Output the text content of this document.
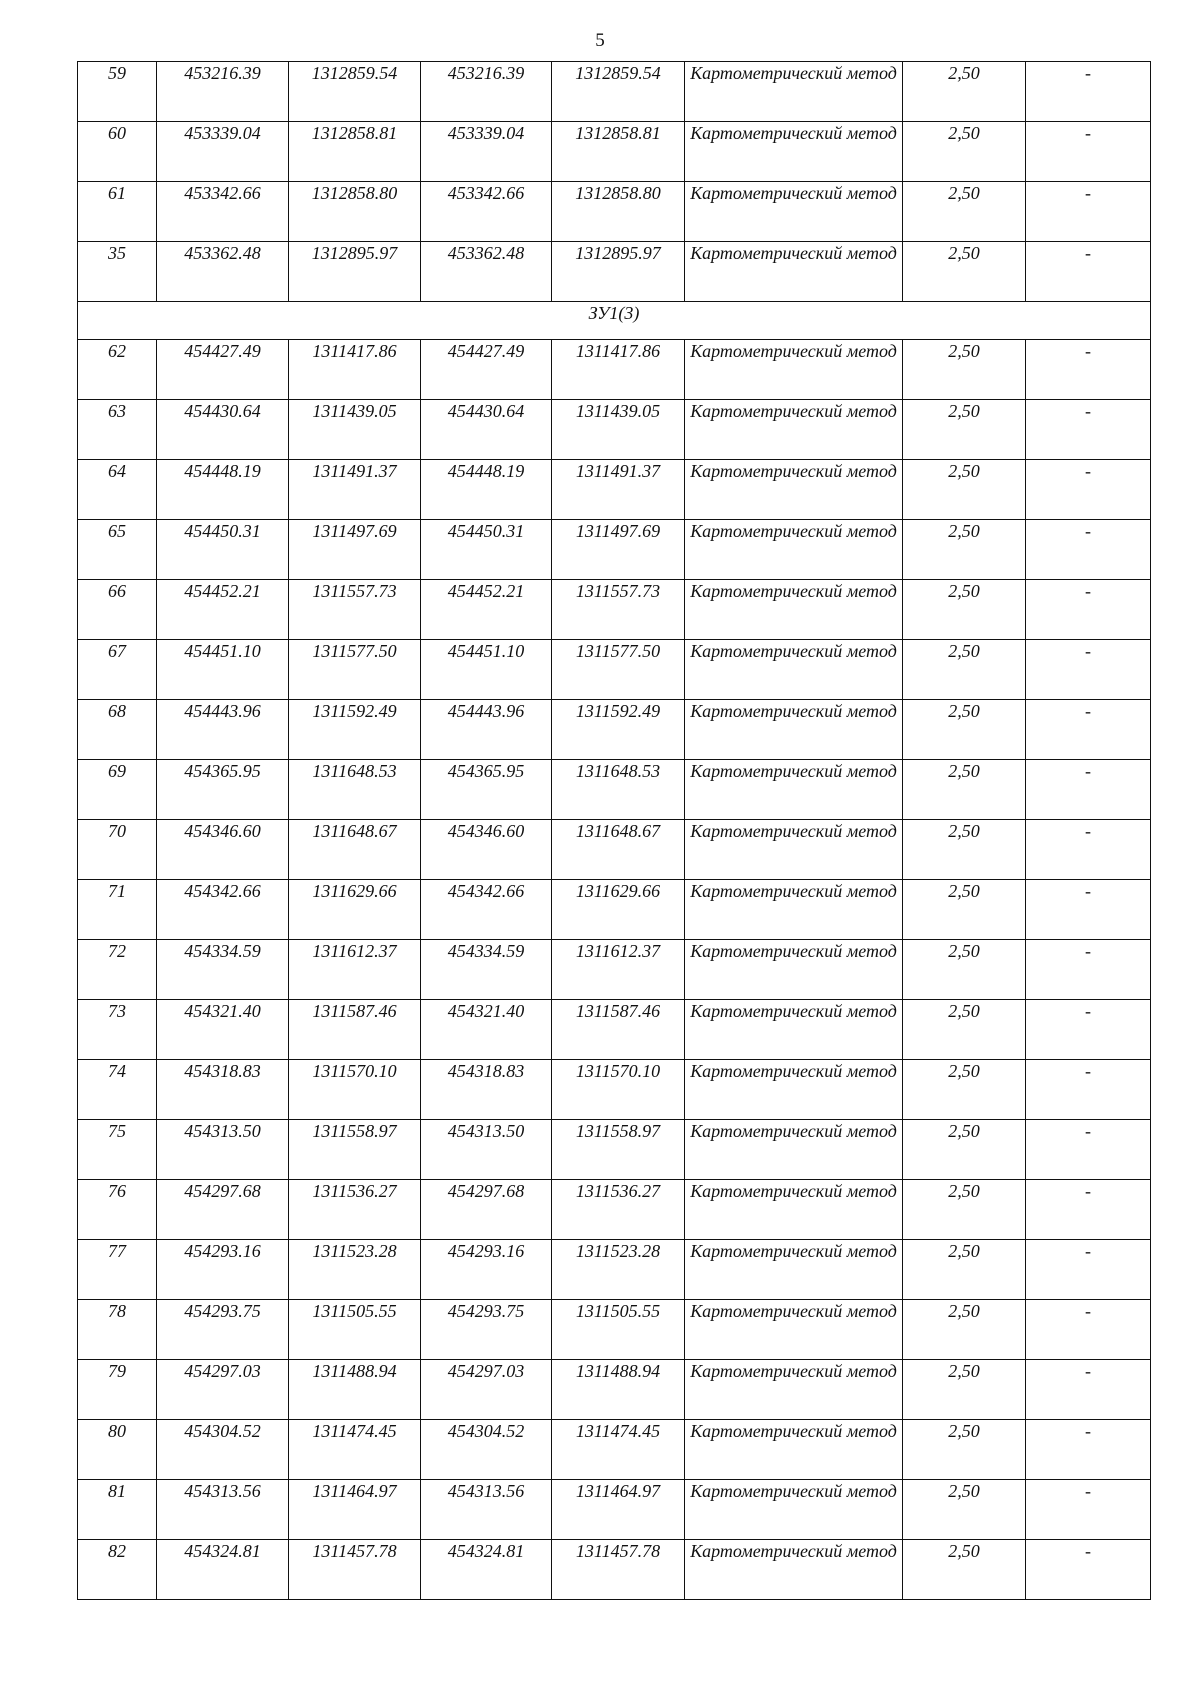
5
59	453216.39	1312859.54	453216.39	1312859.54	Картометрический метод	2,50	-
60	453339.04	1312858.81	453339.04	1312858.81	Картометрический метод	2,50	-
61	453342.66	1312858.80	453342.66	1312858.80	Картометрический метод	2,50	-
35	453362.48	1312895.97	453362.48	1312895.97	Картометрический метод	2,50	-
ЗУ1(3)							
62	454427.49	1311417.86	454427.49	1311417.86	Картометрический метод	2,50	-
63	454430.64	1311439.05	454430.64	1311439.05	Картометрический метод	2,50	-
64	454448.19	1311491.37	454448.19	1311491.37	Картометрический метод	2,50	-
65	454450.31	1311497.69	454450.31	1311497.69	Картометрический метод	2,50	-
66	454452.21	1311557.73	454452.21	1311557.73	Картометрический метод	2,50	-
67	454451.10	1311577.50	454451.10	1311577.50	Картометрический метод	2,50	-
68	454443.96	1311592.49	454443.96	1311592.49	Картометрический метод	2,50	-
69	454365.95	1311648.53	454365.95	1311648.53	Картометрический метод	2,50	-
70	454346.60	1311648.67	454346.60	1311648.67	Картометрический метод	2,50	-
71	454342.66	1311629.66	454342.66	1311629.66	Картометрический метод	2,50	-
72	454334.59	1311612.37	454334.59	1311612.37	Картометрический метод	2,50	-
73	454321.40	1311587.46	454321.40	1311587.46	Картометрический метод	2,50	-
74	454318.83	1311570.10	454318.83	1311570.10	Картометрический метод	2,50	-
75	454313.50	1311558.97	454313.50	1311558.97	Картометрический метод	2,50	-
76	454297.68	1311536.27	454297.68	1311536.27	Картометрический метод	2,50	-
77	454293.16	1311523.28	454293.16	1311523.28	Картометрический метод	2,50	-
78	454293.75	1311505.55	454293.75	1311505.55	Картометрический метод	2,50	-
79	454297.03	1311488.94	454297.03	1311488.94	Картометрический метод	2,50	-
80	454304.52	1311474.45	454304.52	1311474.45	Картометрический метод	2,50	-
81	454313.56	1311464.97	454313.56	1311464.97	Картометрический метод	2,50	-
82	454324.81	1311457.78	454324.81	1311457.78	Картометрический метод	2,50	-
